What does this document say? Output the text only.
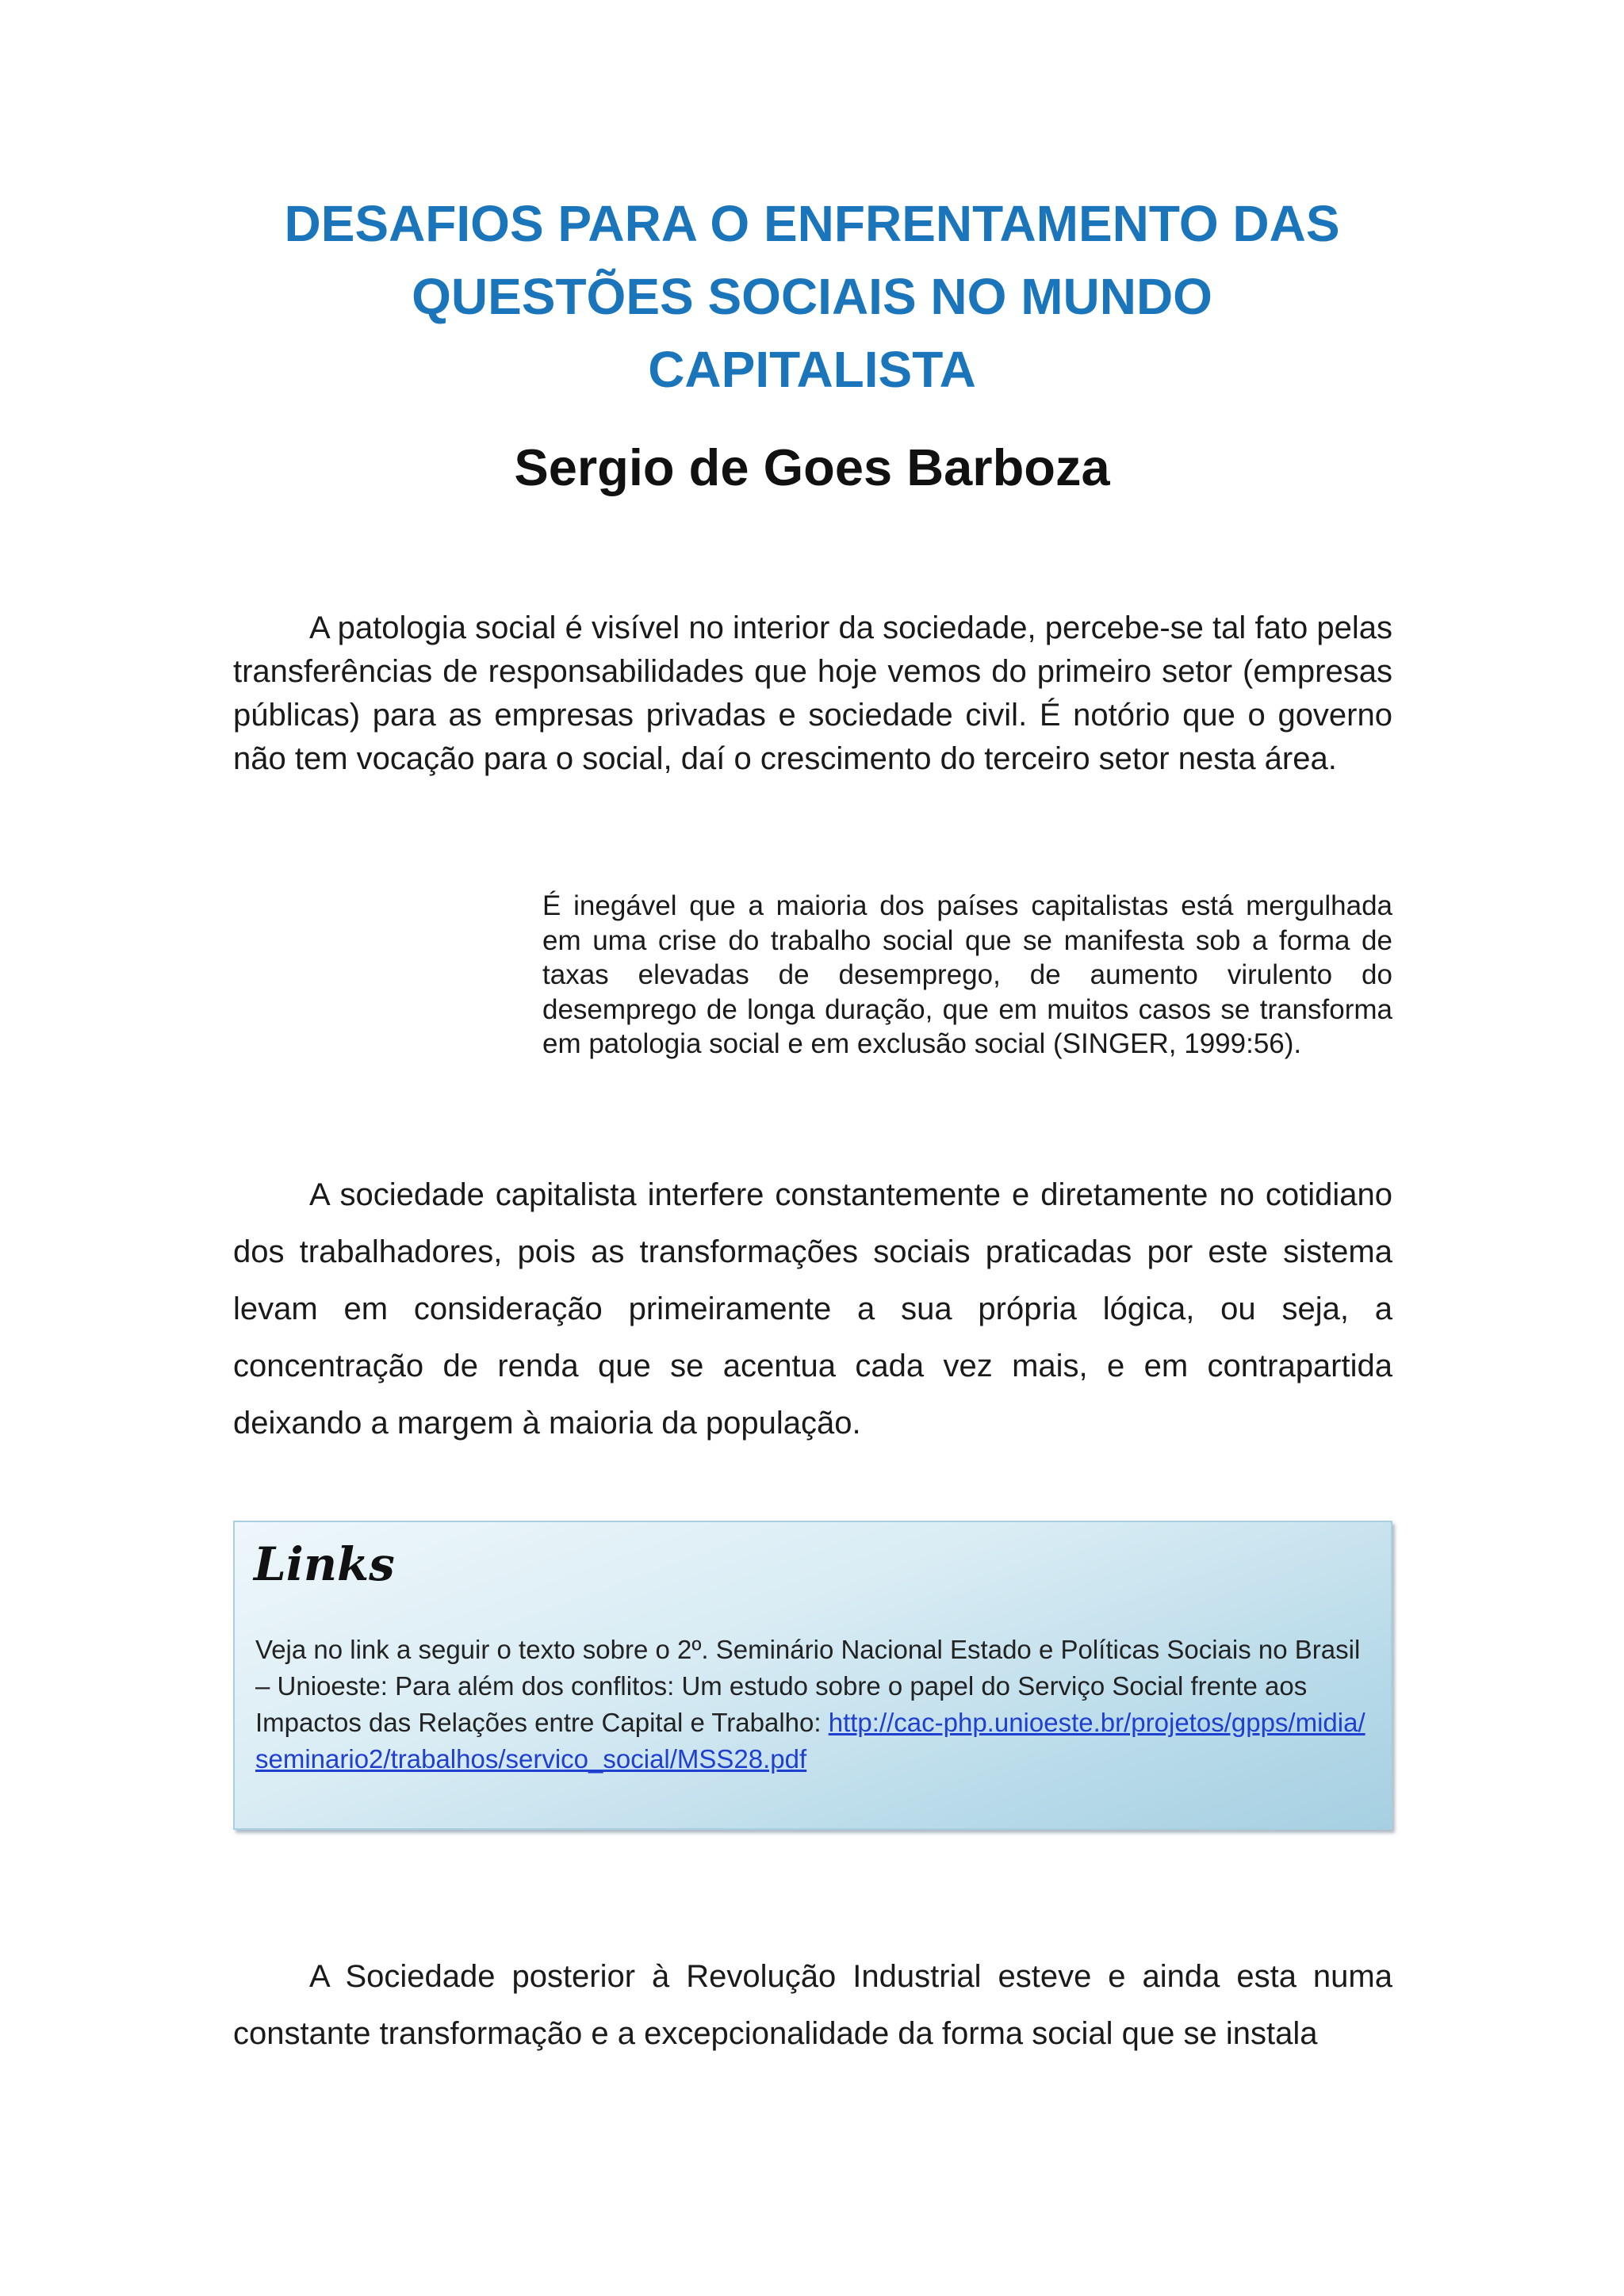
DESAFIOS PARA O ENFRENTAMENTO DAS
QUESTÕES SOCIAIS NO MUNDO
CAPITALISTA
Sergio de Goes Barboza

A patologia social é visível no interior da sociedade, percebe-se tal fato pelas transferências de responsabilidades que hoje vemos do primeiro setor (empresas públicas) para as empresas privadas e sociedade civil. É notório que o governo não tem vocação para o social, daí o crescimento do terceiro setor nesta área.

É inegável que a maioria dos países capitalistas está mergulhada em uma crise do trabalho social que se manifesta sob a forma de taxas elevadas de desemprego, de aumento virulento do desemprego de longa duração, que em muitos casos se transforma em patologia social e em exclusão social (SINGER, 1999:56).

A sociedade capitalista interfere constantemente e diretamente no cotidiano dos trabalhadores, pois as transformações sociais praticadas por este sistema levam em consideração primeiramente a sua própria lógica, ou seja, a concentração de renda que se acentua cada vez mais, e em contrapartida deixando a margem à maioria da população.

Links

Veja no link a seguir o texto sobre o 2º. Seminário Nacional Estado e Políticas Sociais no Brasil – Unioeste: Para além dos conflitos: Um estudo sobre o papel do Serviço Social frente aos Impactos das Relações entre Capital e Trabalho: http://cac-php.unioeste.br/projetos/gpps/midia/seminario2/trabalhos/servico_social/MSS28.pdf

A Sociedade posterior à Revolução Industrial esteve e ainda esta numa constante transformação e a excepcionalidade da forma social que se instala
